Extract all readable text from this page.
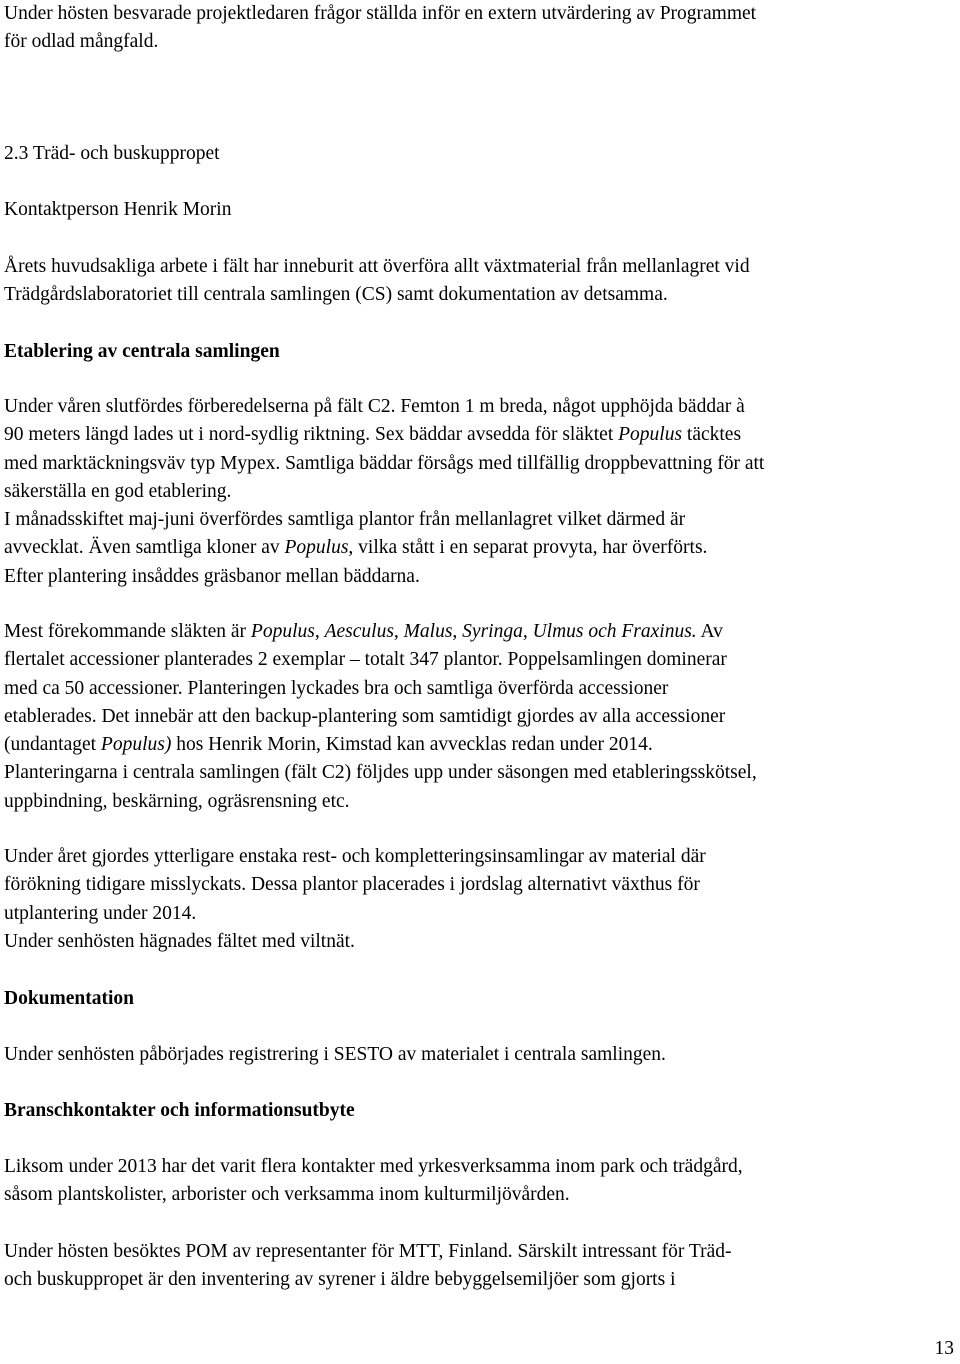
Under hösten besvarade projektledaren frågor ställda inför en extern utvärdering av Programmet
för odlad mångfald.
2.3 Träd- och buskuppropet
Kontaktperson Henrik Morin
Årets huvudsakliga arbete i fält har inneburit att överföra allt växtmaterial från mellanlagret vid
Trädgårdslaboratoriet till centrala samlingen (CS) samt dokumentation av detsamma.
Etablering av centrala samlingen
Under våren slutfördes förberedelserna på fält C2. Femton 1 m breda, något upphöjda bäddar à
90 meters längd lades ut i nord-sydlig riktning. Sex bäddar avsedda för släktet Populus täcktes
med marktäckningsväv typ Mypex. Samtliga bäddar försågs med tillfällig droppbevattning för att
säkerställa en god etablering.
I månadsskiftet maj-juni överfördes samtliga plantor från mellanlagret vilket därmed är
avvecklat. Även samtliga kloner av Populus, vilka stått i en separat provyta, har överförts.
Efter plantering insåddes gräsbanor mellan bäddarna.
Mest förekommande släkten är Populus, Aesculus, Malus, Syringa, Ulmus och Fraxinus. Av
flertalet accessioner planterades 2 exemplar – totalt 347 plantor. Poppelsamlingen dominerar
med ca 50 accessioner. Planteringen lyckades bra och samtliga överförda accessioner
etablerades. Det innebär att den backup-plantering som samtidigt gjordes av alla accessioner
(undantaget Populus) hos Henrik Morin, Kimstad kan avvecklas redan under 2014.
Planteringarna i centrala samlingen (fält C2) följdes upp under säsongen med etableringsskötsel,
uppbindning, beskärning, ogräsrensning etc.
Under året gjordes ytterligare enstaka rest- och kompletteringsinsamlingar av material där
förökning tidigare misslyckats. Dessa plantor placerades i jordslag alternativt växthus för
utplantering under 2014.
Under senhösten hägnades fältet med viltnät.
Dokumentation
Under senhösten påbörjades registrering i SESTO av materialet i centrala samlingen.
Branschkontakter och informationsutbyte
Liksom under 2013 har det varit flera kontakter med yrkesverksamma inom park och trädgård,
såsom plantskolister, arborister och verksamma inom kulturmiljövården.
Under hösten besöktes POM av representanter för MTT, Finland. Särskilt intressant för Träd-
och buskuppropet är den inventering av syrener i äldre bebyggelsemiljöer som gjorts i
13
